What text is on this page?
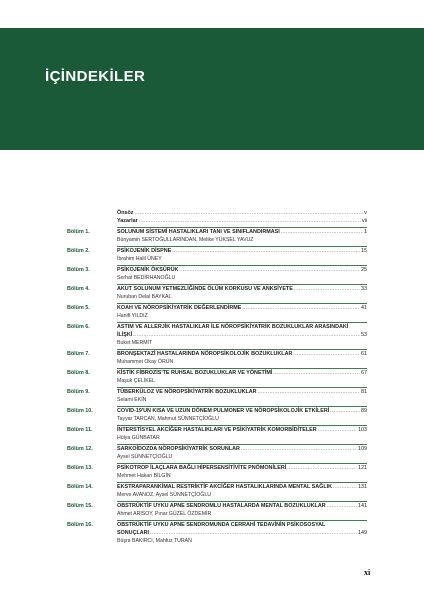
İÇİNDEKİLER
Önsöz .....	v
Yazarlar .....	vii
Bölüm 1.	SOLUNUM SİSTEMİ HASTALIKLARI TANI VE SINIFLANDIRMASI .....	1
Bünyamin SERTOĞULLARINDAN, Melike YÜKSEL YAVUZ
Bölüm 2.	PSİKOJENİK DİSPNE .....	15
İbrahim Halil ÜNEY
Bölüm 3.	PSİKOJENİK ÖKSÜRÜK .....	25
Serhat BEDİRHANOĞLU
Bölüm 4.	AKUT SOLUNUM YETMEZLİĞİNDE ÖLÜM KORKUSU VE ANKSİYETE .....	33
Nuruban Delal BAYKAL
Bölüm 5.	KOAH VE NÖROPSİKİYATRİK DEĞERLENDİRME .....	41
Hanifi YILDIZ
Bölüm 6.	ASTIM VE ALLERJİK HASTALIKLAR İLE NÖROPSİKİYATRİK BOZUKLUKLAR ARASINDAKİ
İLİŞKİ .....	53
Buket MERMİT
Bölüm 7.	BRONŞEKTAZİ HASTALARINDA NÖROPSİKOLOJİK BOZUKLUKLAR .....	61
Muhammet Okay ÖRÜN
Bölüm 8.	KİSTİK FİBROZİS'TE RUHSAL BOZUKLUKLAR VE YÖNETİMİ .....	67
Maşuk ÇELİKEL
Bölüm 9.	TÜBERKÜLOZ VE NÖROPSİKİYATRİK BOZUKLUKLAR .....	81
Selami EKİN
Bölüm 10.	COVID-19'UN KISA VE UZUN DÖNEM PULMONER VE NÖROPSİKOLOJİK ETKİLERİ .....	89
Tayyar TARCAN, Mahmut SÜNNETÇİOĞLU
Bölüm 11.	İNTERSTİSYEL AKCİĞER HASTALIKLARI VE PSİKİYATRİK KOMORBİDİTELER .....	103
Hülya GÜNBATAR
Bölüm 12.	SARKOİDOZDA NÖROPSİKİYATRİK SORUNLAR .....	109
Aysel SÜNNETÇİOĞLU
Bölüm 13.	PSİKOTROP İLAÇLARA BAĞLI HİPERSENSİTİVİTE PNÖMONİLERİ .....	121
Mehmet Hakan BİLGİN
Bölüm 14.	EKSTRAPARANKİMAL RESTRİKTİF AKCİĞER HASTALIKLARINDA MENTAL SAĞLIK .....	131
Merve AVANOZ, Aysel SÜNNETÇİOĞLU
Bölüm 15.	OBSTRÜKTİF UYKU APNE SENDROMLU HASTALARDA MENTAL BOZUKLUKLAR .....	141
Ahmet ARISOY, Pınar GÜZEL ÖZDEMİR
Bölüm 16.	OBSTRÜKTİF UYKU APNE SENDROMUNDA CERRAHİ TEDAVİNİN PSİKOSOSYAL
SONUÇLARI .....	149
Büşra BAKIRCI, Mahfuz TURAN
xi
